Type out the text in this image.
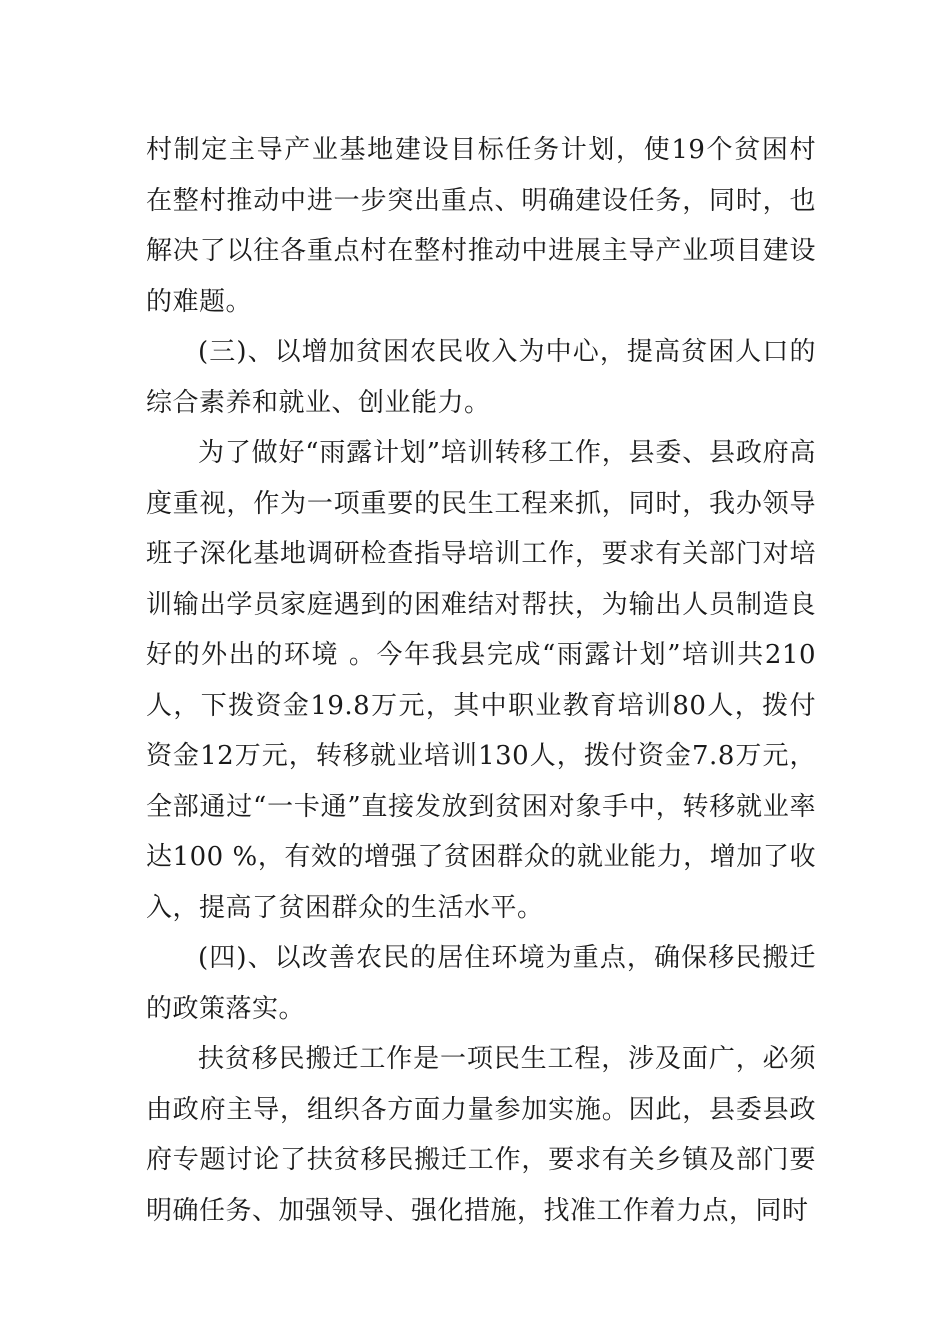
村制定主导产业基地建设目标任务计划，使19个贫困村在整村推动中进一步突出重点、明确建设任务，同时，也解决了以往各重点村在整村推动中进展主导产业项目建设的难题。

(三)、以增加贫困农民收入为中心，提高贫困人口的综合素养和就业、创业能力。

为了做好“雨露计划”培训转移工作，县委、县政府高度重视，作为一项重要的民生工程来抓，同时，我办领导班子深化基地调研检查指导培训工作，要求有关部门对培训输出学员家庭遇到的困难结对帮扶，为输出人员制造良好的外出的环境 。今年我县完成“雨露计划”培训共210人，下拨资金19.8万元，其中职业教育培训80人，拨付资金12万元，转移就业培训130人，拨付资金7.8万元，全部通过“一卡通”直接发放到贫困对象手中，转移就业率达100 %，有效的增强了贫困群众的就业能力，增加了收入，提高了贫困群众的生活水平。

(四)、以改善农民的居住环境为重点，确保移民搬迁的政策落实。

扶贫移民搬迁工作是一项民生工程，涉及面广，必须由政府主导，组织各方面力量参加实施。因此，县委县政府专题讨论了扶贫移民搬迁工作，要求有关乡镇及部门要明确任务、加强领导、强化措施，找准工作着力点，同时
